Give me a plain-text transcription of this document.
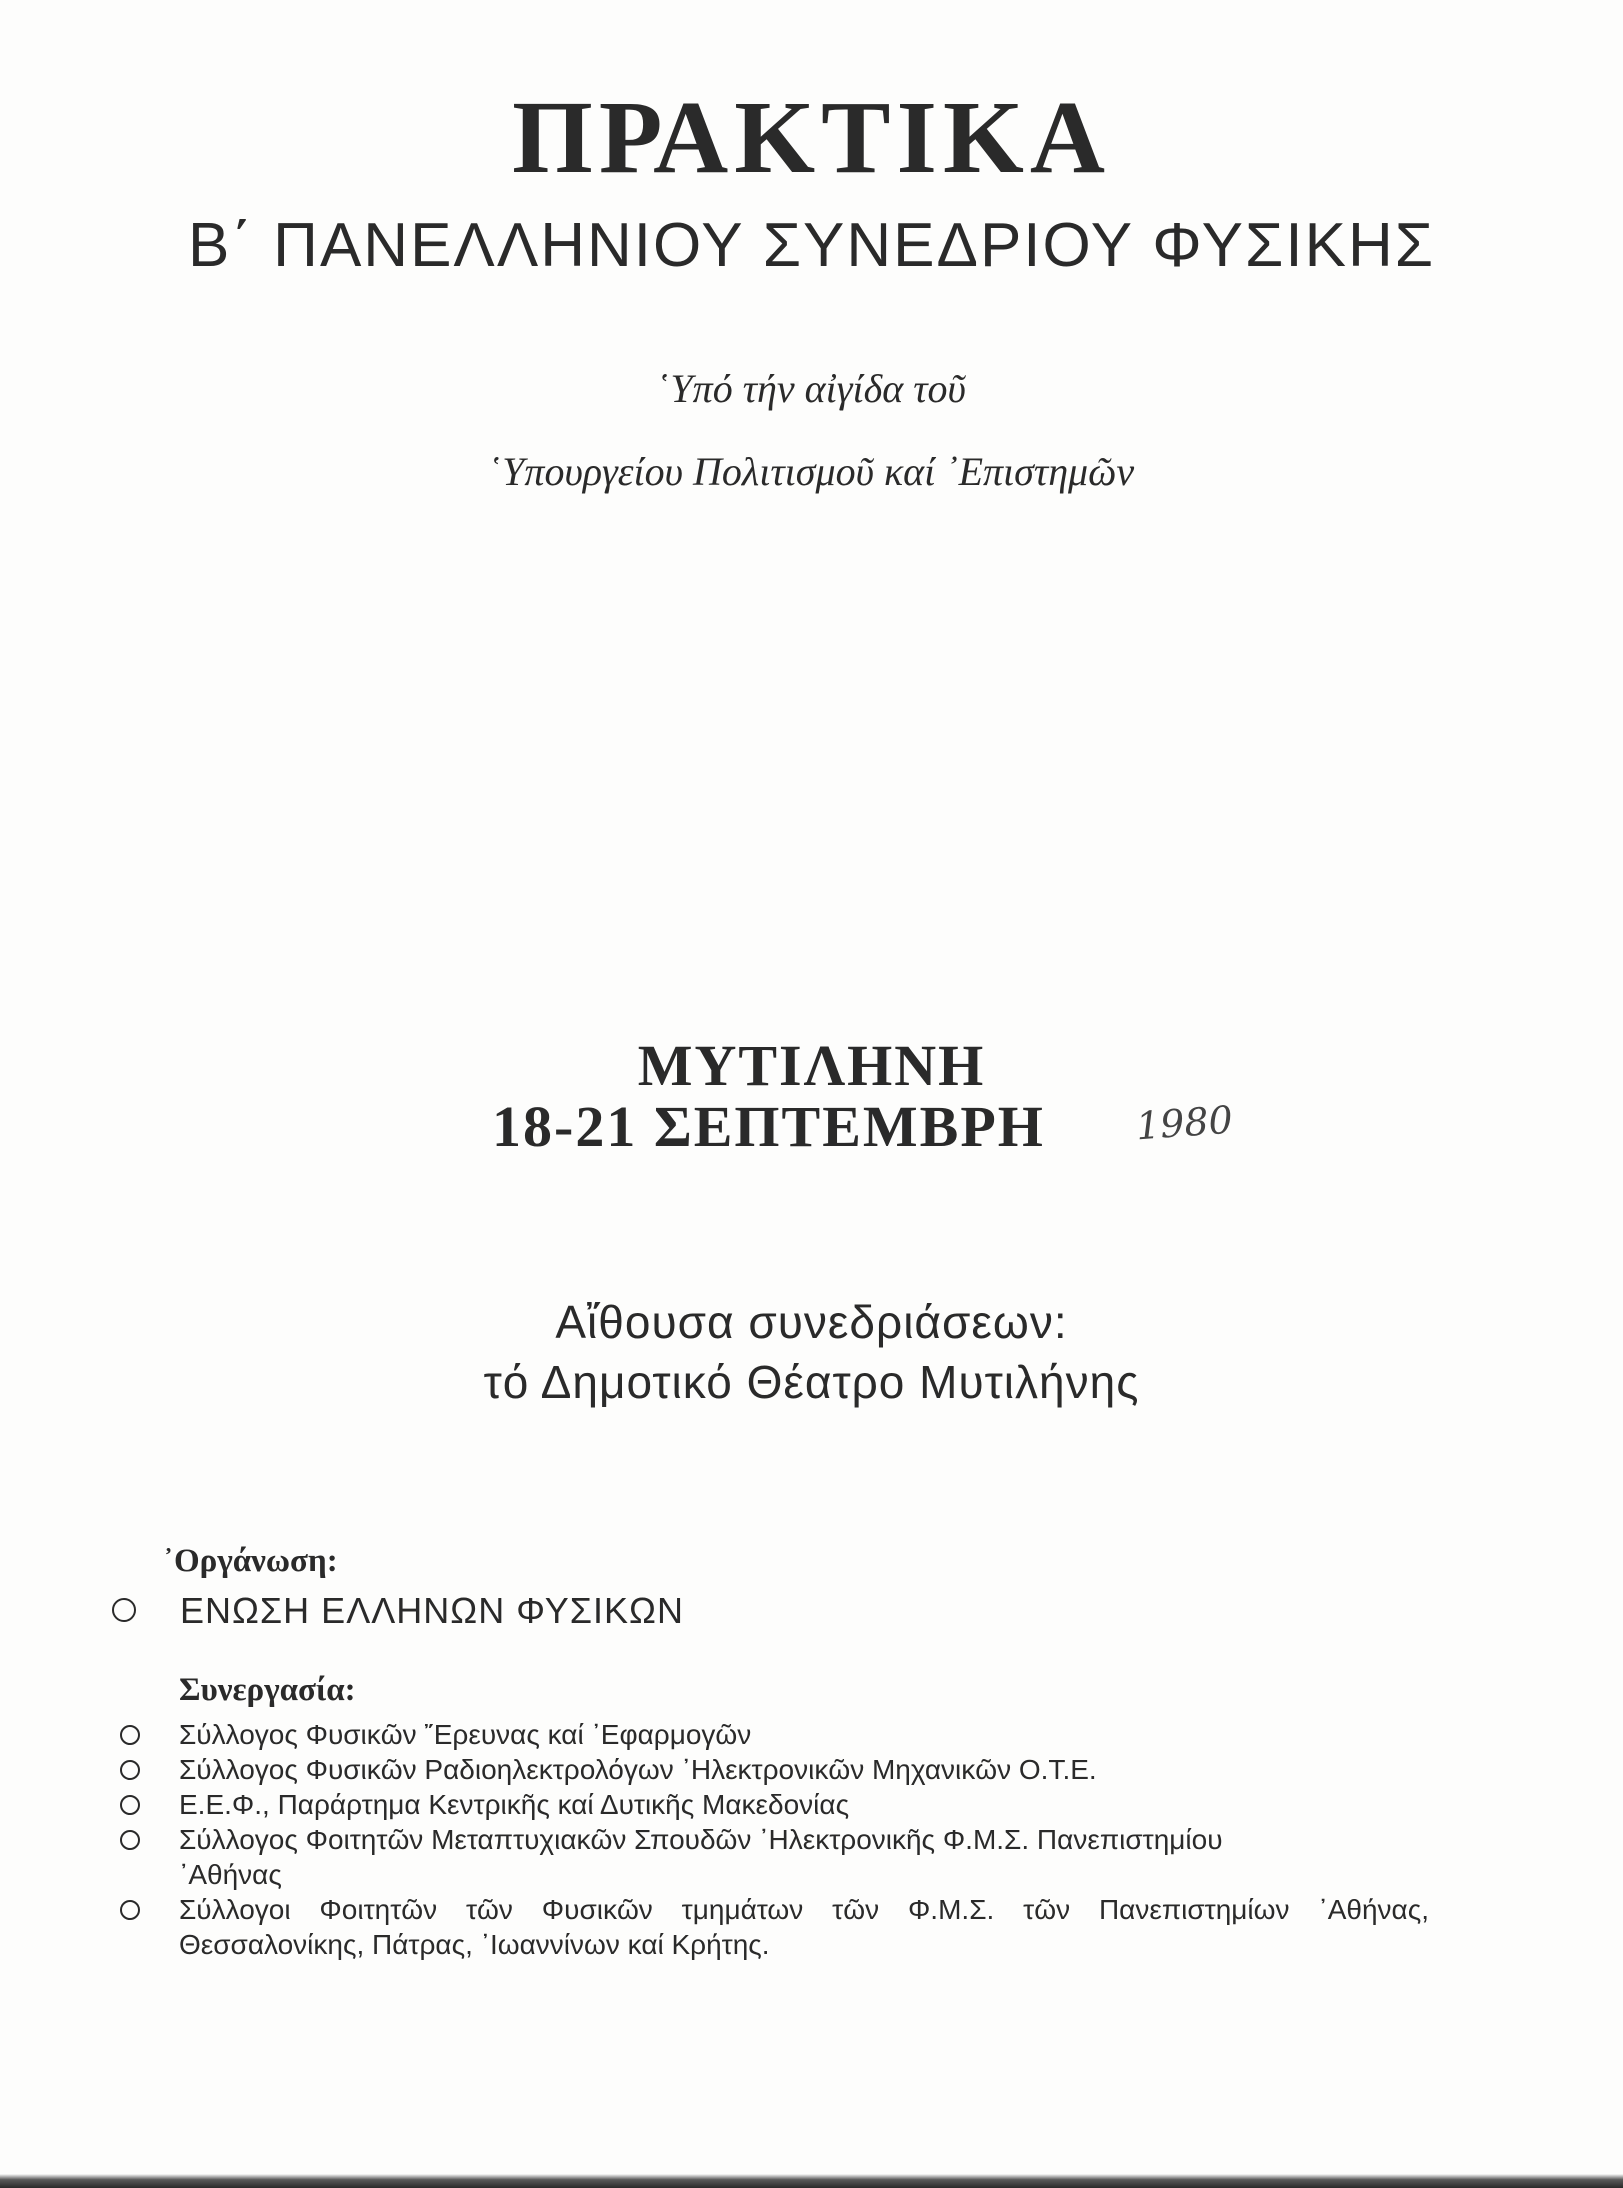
ΠΡΑΚΤΙΚΑ
Β΄ ΠΑΝΕΛΛΗΝΙΟΥ ΣΥΝΕΔΡΙΟΥ ΦΥΣΙΚΗΣ
῾Υπό τήν αἰγίδα τοῦ
῾Υπουργείου Πολιτισμοῦ καί ᾿Επιστημῶν
ΜΥΤΙΛΗΝΗ
18-21 ΣΕΠΤΕΜΒΡΗ 1980
Αἴθουσα συνεδριάσεων:
τό Δημοτικό Θέατρο Μυτιλήνης
᾿Οργάνωση:
ΕΝΩΣΗ ΕΛΛΗΝΩΝ ΦΥΣΙΚΩΝ
Συνεργασία:
Σύλλογος Φυσικῶν ῎Ερευνας καί ᾿Εφαρμογῶν
Σύλλογος Φυσικῶν Ραδιοηλεκτρολόγων ᾿Ηλεκτρονικῶν Μηχανικῶν Ο.Τ.Ε.
Ε.Ε.Φ., Παράρτημα Κεντρικῆς καί Δυτικῆς Μακεδονίας
Σύλλογος Φοιτητῶν Μεταπτυχιακῶν Σπουδῶν ᾿Ηλεκτρονικῆς Φ.Μ.Σ. Πανεπιστημίου ᾿Αθήνας
Σύλλογοι Φοιτητῶν τῶν Φυσικῶν τμημάτων τῶν Φ.Μ.Σ. τῶν Πανεπιστημίων ᾿Αθήνας, Θεσσαλονίκης, Πάτρας, ᾿Ιωαννίνων καί Κρήτης.
